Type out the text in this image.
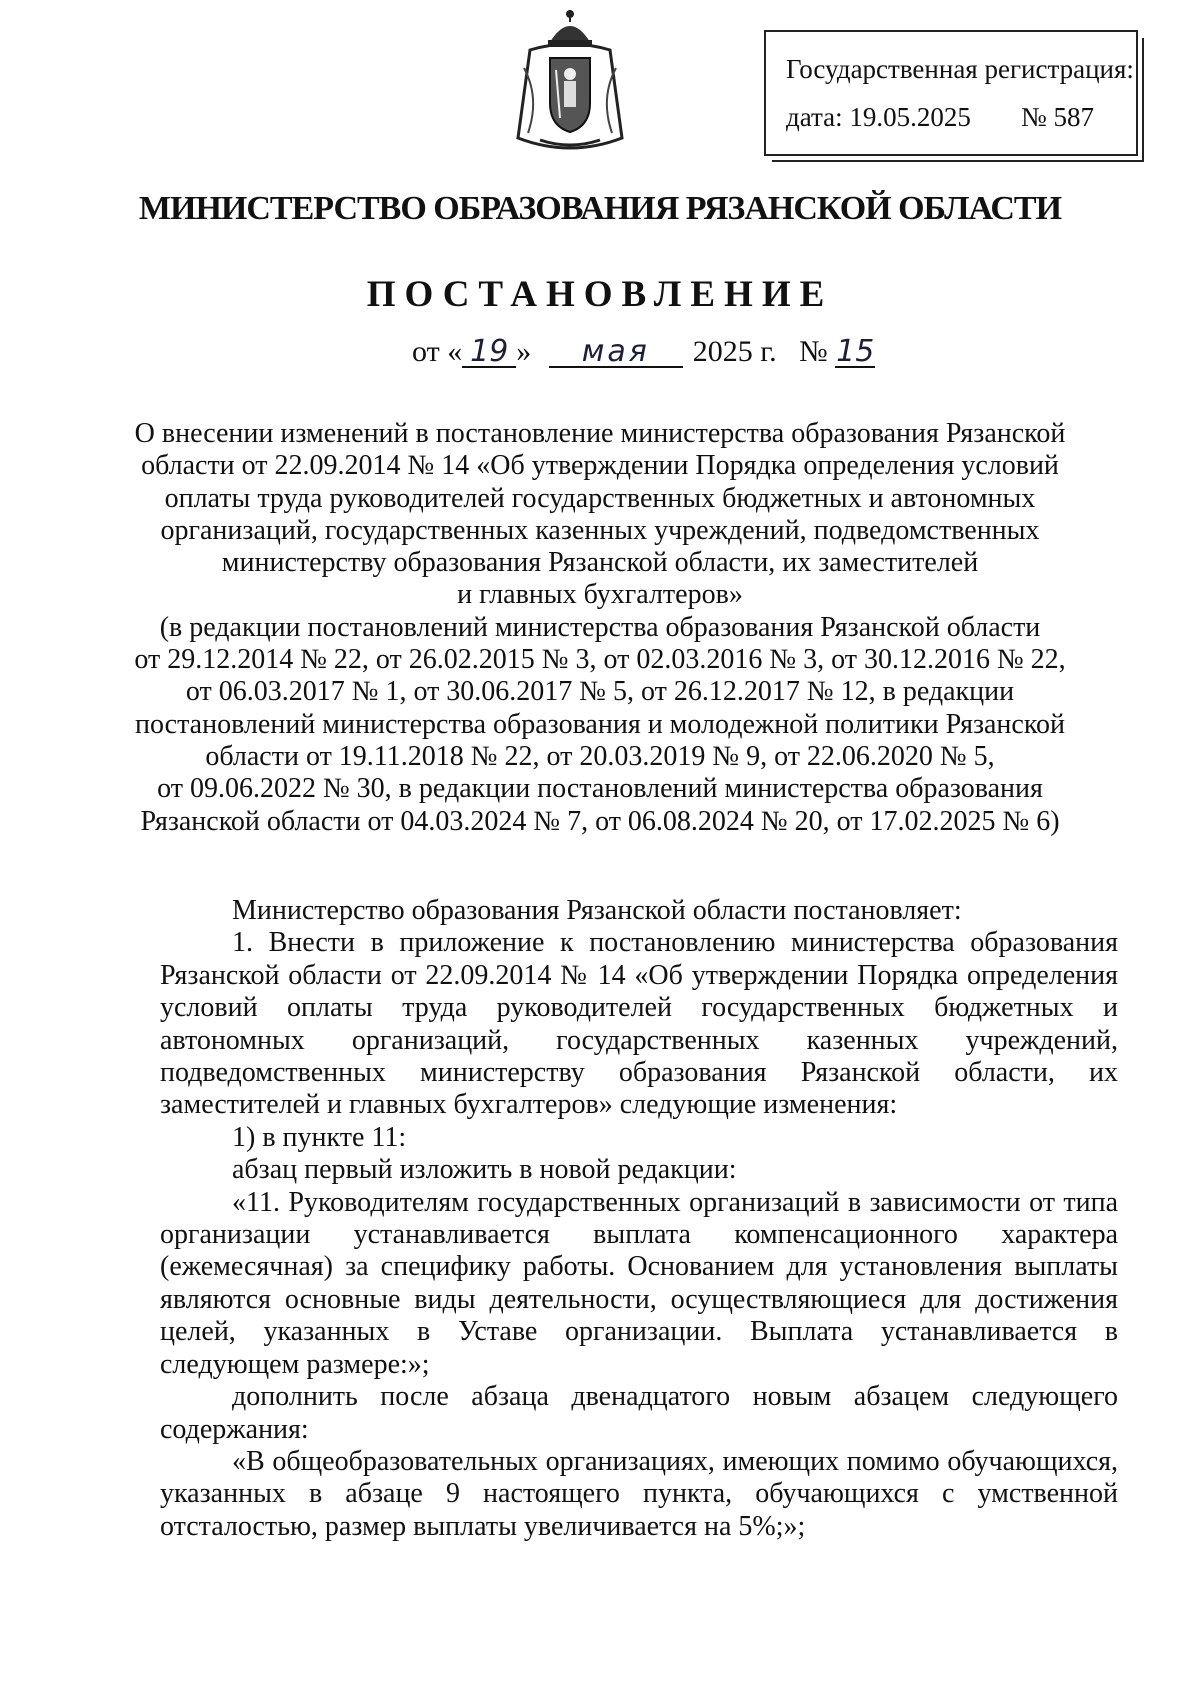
Государственная регистрация:
дата: 19.05.2025 № 587
МИНИСТЕРСТВО ОБРАЗОВАНИЯ РЯЗАНСКОЙ ОБЛАСТИ
ПОСТАНОВЛЕНИЕ
от « 19 » мая 2025 г. № 15
О внесении изменений в постановление министерства образования Рязанской
области от 22.09.2014 № 14 «Об утверждении Порядка определения условий
оплаты труда руководителей государственных бюджетных и автономных
организаций, государственных казенных учреждений, подведомственных
министерству образования Рязанской области, их заместителей
и главных бухгалтеров»
(в редакции постановлений министерства образования Рязанской области
от 29.12.2014 № 22, от 26.02.2015 № 3, от 02.03.2016 № 3, от 30.12.2016 № 22,
от 06.03.2017 № 1, от 30.06.2017 № 5, от 26.12.2017 № 12, в редакции
постановлений министерства образования и молодежной политики Рязанской
области от 19.11.2018 № 22, от 20.03.2019 № 9, от 22.06.2020 № 5,
от 09.06.2022 № 30, в редакции постановлений министерства образования
Рязанской области от 04.03.2024 № 7, от 06.08.2024 № 20, от 17.02.2025 № 6)

Министерство образования Рязанской области постановляет:

1. Внести в приложение к постановлению министерства образования Рязанской области от 22.09.2014 № 14 «Об утверждении Порядка определения условий оплаты труда руководителей государственных бюджетных и автономных организаций, государственных казенных учреждений, подведомственных министерству образования Рязанской области, их заместителей и главных бухгалтеров» следующие изменения:

1) в пункте 11:

абзац первый изложить в новой редакции:

«11. Руководителям государственных организаций в зависимости от типа организации устанавливается выплата компенсационного характера (ежемесячная) за специфику работы. Основанием для установления выплаты являются основные виды деятельности, осуществляющиеся для достижения целей, указанных в Уставе организации. Выплата устанавливается в следующем размере:»;

дополнить после абзаца двенадцатого новым абзацем следующего содержания:

«В общеобразовательных организациях, имеющих помимо обучающихся, указанных в абзаце 9 настоящего пункта, обучающихся с умственной отсталостью, размер выплаты увеличивается на 5%;»;
